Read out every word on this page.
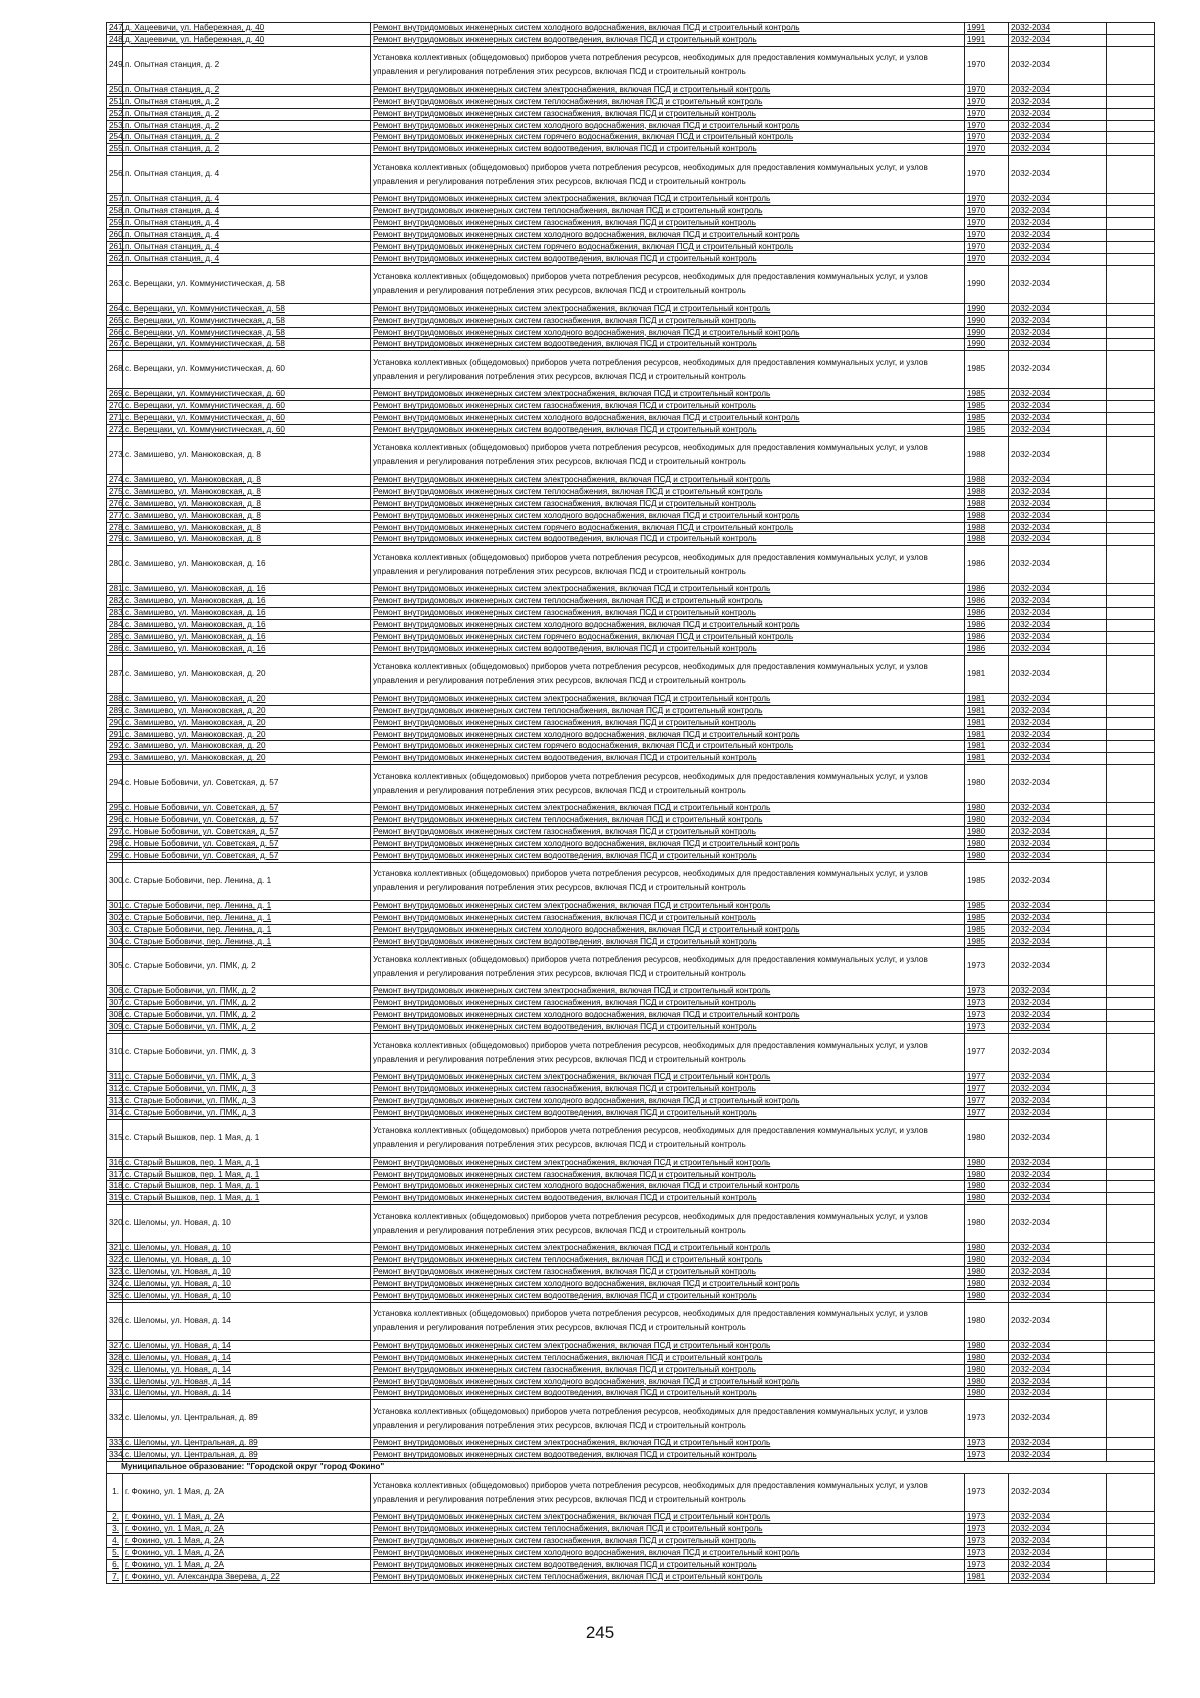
247.	д. Хацеевичи, ул. Набережная, д. 40	Ремонт внутридомовых инженерных систем холодного водоснабжения, включая ПСД и строительный контроль	1991	2032-2034	
248.	д. Хацеевичи, ул. Набережная, д. 40	Ремонт внутридомовых инженерных систем водоотведения, включая ПСД и строительный контроль	1991	2032-2034	
249.	п. Опытная станция, д. 2	Установка коллективных (общедомовых) приборов учета потребления ресурсов, необходимых для предоставления коммунальных услуг, и узлов управления и регулирования потребления этих ресурсов, включая ПСД и строительный контроль	1970	2032-2034	
250.	п. Опытная станция, д. 2	Ремонт внутридомовых инженерных систем электроснабжения, включая ПСД и строительный контроль	1970	2032-2034	
251.	п. Опытная станция, д. 2	Ремонт внутридомовых инженерных систем теплоснабжения, включая ПСД и строительный контроль	1970	2032-2034	
252.	п. Опытная станция, д. 2	Ремонт внутридомовых инженерных систем газоснабжения, включая ПСД и строительный контроль	1970	2032-2034	
253.	п. Опытная станция, д. 2	Ремонт внутридомовых инженерных систем холодного водоснабжения, включая ПСД и строительный контроль	1970	2032-2034	
254.	п. Опытная станция, д. 2	Ремонт внутридомовых инженерных систем горячего водоснабжения, включая ПСД и строительный контроль	1970	2032-2034	
255.	п. Опытная станция, д. 2	Ремонт внутридомовых инженерных систем водоотведения, включая ПСД и строительный контроль	1970	2032-2034	
256.	п. Опытная станция, д. 4	Установка коллективных (общедомовых) приборов учета потребления ресурсов, необходимых для предоставления коммунальных услуг, и узлов управления и регулирования потребления этих ресурсов, включая ПСД и строительный контроль	1970	2032-2034	
257.	п. Опытная станция, д. 4	Ремонт внутридомовых инженерных систем электроснабжения, включая ПСД и строительный контроль	1970	2032-2034	
258.	п. Опытная станция, д. 4	Ремонт внутридомовых инженерных систем теплоснабжения, включая ПСД и строительный контроль	1970	2032-2034	
259.	п. Опытная станция, д. 4	Ремонт внутридомовых инженерных систем газоснабжения, включая ПСД и строительный контроль	1970	2032-2034	
260.	п. Опытная станция, д. 4	Ремонт внутридомовых инженерных систем холодного водоснабжения, включая ПСД и строительный контроль	1970	2032-2034	
261.	п. Опытная станция, д. 4	Ремонт внутридомовых инженерных систем горячего водоснабжения, включая ПСД и строительный контроль	1970	2032-2034	
262.	п. Опытная станция, д. 4	Ремонт внутридомовых инженерных систем водоотведения, включая ПСД и строительный контроль	1970	2032-2034	
263.	с. Верещаки, ул. Коммунистическая, д. 58	Установка коллективных (общедомовых) приборов учета потребления ресурсов, необходимых для предоставления коммунальных услуг, и узлов управления и регулирования потребления этих ресурсов, включая ПСД и строительный контроль	1990	2032-2034	
264.	с. Верещаки, ул. Коммунистическая, д. 58	Ремонт внутридомовых инженерных систем электроснабжения, включая ПСД и строительный контроль	1990	2032-2034	
265.	с. Верещаки, ул. Коммунистическая, д. 58	Ремонт внутридомовых инженерных систем газоснабжения, включая ПСД и строительный контроль	1990	2032-2034	
266.	с. Верещаки, ул. Коммунистическая, д. 58	Ремонт внутридомовых инженерных систем холодного водоснабжения, включая ПСД и строительный контроль	1990	2032-2034	
267.	с. Верещаки, ул. Коммунистическая, д. 58	Ремонт внутридомовых инженерных систем водоотведения, включая ПСД и строительный контроль	1990	2032-2034	
268.	с. Верещаки, ул. Коммунистическая, д. 60	Установка коллективных (общедомовых) приборов учета потребления ресурсов, необходимых для предоставления коммунальных услуг, и узлов управления и регулирования потребления этих ресурсов, включая ПСД и строительный контроль	1985	2032-2034	
269.	с. Верещаки, ул. Коммунистическая, д. 60	Ремонт внутридомовых инженерных систем электроснабжения, включая ПСД и строительный контроль	1985	2032-2034	
270.	с. Верещаки, ул. Коммунистическая, д. 60	Ремонт внутридомовых инженерных систем газоснабжения, включая ПСД и строительный контроль	1985	2032-2034	
271.	с. Верещаки, ул. Коммунистическая, д. 60	Ремонт внутридомовых инженерных систем холодного водоснабжения, включая ПСД и строительный контроль	1985	2032-2034	
272.	с. Верещаки, ул. Коммунистическая, д. 60	Ремонт внутридомовых инженерных систем водоотведения, включая ПСД и строительный контроль	1985	2032-2034	
273.	с. Замишево, ул. Манюковская, д. 8	Установка коллективных (общедомовых) приборов учета потребления ресурсов, необходимых для предоставления коммунальных услуг, и узлов управления и регулирования потребления этих ресурсов, включая ПСД и строительный контроль	1988	2032-2034	
274.	с. Замишево, ул. Манюковская, д. 8	Ремонт внутридомовых инженерных систем электроснабжения, включая ПСД и строительный контроль	1988	2032-2034	
275.	с. Замишево, ул. Манюковская, д. 8	Ремонт внутридомовых инженерных систем теплоснабжения, включая ПСД и строительный контроль	1988	2032-2034	
276.	с. Замишево, ул. Манюковская, д. 8	Ремонт внутридомовых инженерных систем газоснабжения, включая ПСД и строительный контроль	1988	2032-2034	
277.	с. Замишево, ул. Манюковская, д. 8	Ремонт внутридомовых инженерных систем холодного водоснабжения, включая ПСД и строительный контроль	1988	2032-2034	
278.	с. Замишево, ул. Манюковская, д. 8	Ремонт внутридомовых инженерных систем горячего водоснабжения, включая ПСД и строительный контроль	1988	2032-2034	
279.	с. Замишево, ул. Манюковская, д. 8	Ремонт внутридомовых инженерных систем водоотведения, включая ПСД и строительный контроль	1988	2032-2034	
280.	с. Замишево, ул. Манюковская, д. 16	Установка коллективных (общедомовых) приборов учета потребления ресурсов, необходимых для предоставления коммунальных услуг, и узлов управления и регулирования потребления этих ресурсов, включая ПСД и строительный контроль	1986	2032-2034	
281.	с. Замишево, ул. Манюковская, д. 16	Ремонт внутридомовых инженерных систем электроснабжения, включая ПСД и строительный контроль	1986	2032-2034	
282.	с. Замишево, ул. Манюковская, д. 16	Ремонт внутридомовых инженерных систем теплоснабжения, включая ПСД и строительный контроль	1986	2032-2034	
283.	с. Замишево, ул. Манюковская, д. 16	Ремонт внутридомовых инженерных систем газоснабжения, включая ПСД и строительный контроль	1986	2032-2034	
284.	с. Замишево, ул. Манюковская, д. 16	Ремонт внутридомовых инженерных систем холодного водоснабжения, включая ПСД и строительный контроль	1986	2032-2034	
285.	с. Замишево, ул. Манюковская, д. 16	Ремонт внутридомовых инженерных систем горячего водоснабжения, включая ПСД и строительный контроль	1986	2032-2034	
286.	с. Замишево, ул. Манюковская, д. 16	Ремонт внутридомовых инженерных систем водоотведения, включая ПСД и строительный контроль	1986	2032-2034	
287.	с. Замишево, ул. Манюковская, д. 20	Установка коллективных (общедомовых) приборов учета потребления ресурсов, необходимых для предоставления коммунальных услуг, и узлов управления и регулирования потребления этих ресурсов, включая ПСД и строительный контроль	1981	2032-2034	
288.	с. Замишево, ул. Манюковская, д. 20	Ремонт внутридомовых инженерных систем электроснабжения, включая ПСД и строительный контроль	1981	2032-2034	
289.	с. Замишево, ул. Манюковская, д. 20	Ремонт внутридомовых инженерных систем теплоснабжения, включая ПСД и строительный контроль	1981	2032-2034	
290.	с. Замишево, ул. Манюковская, д. 20	Ремонт внутридомовых инженерных систем газоснабжения, включая ПСД и строительный контроль	1981	2032-2034	
291.	с. Замишево, ул. Манюковская, д. 20	Ремонт внутридомовых инженерных систем холодного водоснабжения, включая ПСД и строительный контроль	1981	2032-2034	
292.	с. Замишево, ул. Манюковская, д. 20	Ремонт внутридомовых инженерных систем горячего водоснабжения, включая ПСД и строительный контроль	1981	2032-2034	
293.	с. Замишево, ул. Манюковская, д. 20	Ремонт внутридомовых инженерных систем водоотведения, включая ПСД и строительный контроль	1981	2032-2034	
294.	с. Новые Бобовичи, ул. Советская, д. 57	Установка коллективных (общедомовых) приборов учета потребления ресурсов, необходимых для предоставления коммунальных услуг, и узлов управления и регулирования потребления этих ресурсов, включая ПСД и строительный контроль	1980	2032-2034	
295.	с. Новые Бобовичи, ул. Советская, д. 57	Ремонт внутридомовых инженерных систем электроснабжения, включая ПСД и строительный контроль	1980	2032-2034	
296.	с. Новые Бобовичи, ул. Советская, д. 57	Ремонт внутридомовых инженерных систем теплоснабжения, включая ПСД и строительный контроль	1980	2032-2034	
297.	с. Новые Бобовичи, ул. Советская, д. 57	Ремонт внутридомовых инженерных систем газоснабжения, включая ПСД и строительный контроль	1980	2032-2034	
298.	с. Новые Бобовичи, ул. Советская, д. 57	Ремонт внутридомовых инженерных систем холодного водоснабжения, включая ПСД и строительный контроль	1980	2032-2034	
299.	с. Новые Бобовичи, ул. Советская, д. 57	Ремонт внутридомовых инженерных систем водоотведения, включая ПСД и строительный контроль	1980	2032-2034	
300.	с. Старые Бобовичи, пер. Ленина, д. 1	Установка коллективных (общедомовых) приборов учета потребления ресурсов, необходимых для предоставления коммунальных услуг, и узлов управления и регулирования потребления этих ресурсов, включая ПСД и строительный контроль	1985	2032-2034	
301.	с. Старые Бобовичи, пер. Ленина, д. 1	Ремонт внутридомовых инженерных систем электроснабжения, включая ПСД и строительный контроль	1985	2032-2034	
302.	с. Старые Бобовичи, пер. Ленина, д. 1	Ремонт внутридомовых инженерных систем газоснабжения, включая ПСД и строительный контроль	1985	2032-2034	
303.	с. Старые Бобовичи, пер. Ленина, д. 1	Ремонт внутридомовых инженерных систем холодного водоснабжения, включая ПСД и строительный контроль	1985	2032-2034	
304.	с. Старые Бобовичи, пер. Ленина, д. 1	Ремонт внутридомовых инженерных систем водоотведения, включая ПСД и строительный контроль	1985	2032-2034	
305.	с. Старые Бобовичи, ул. ПМК, д. 2	Установка коллективных (общедомовых) приборов учета потребления ресурсов, необходимых для предоставления коммунальных услуг, и узлов управления и регулирования потребления этих ресурсов, включая ПСД и строительный контроль	1973	2032-2034	
306.	с. Старые Бобовичи, ул. ПМК, д. 2	Ремонт внутридомовых инженерных систем электроснабжения, включая ПСД и строительный контроль	1973	2032-2034	
307.	с. Старые Бобовичи, ул. ПМК, д. 2	Ремонт внутридомовых инженерных систем газоснабжения, включая ПСД и строительный контроль	1973	2032-2034	
308.	с. Старые Бобовичи, ул. ПМК, д. 2	Ремонт внутридомовых инженерных систем холодного водоснабжения, включая ПСД и строительный контроль	1973	2032-2034	
309.	с. Старые Бобовичи, ул. ПМК, д. 2	Ремонт внутридомовых инженерных систем водоотведения, включая ПСД и строительный контроль	1973	2032-2034	
310.	с. Старые Бобовичи, ул. ПМК, д. 3	Установка коллективных (общедомовых) приборов учета потребления ресурсов, необходимых для предоставления коммунальных услуг, и узлов управления и регулирования потребления этих ресурсов, включая ПСД и строительный контроль	1977	2032-2034	
311.	с. Старые Бобовичи, ул. ПМК, д. 3	Ремонт внутридомовых инженерных систем электроснабжения, включая ПСД и строительный контроль	1977	2032-2034	
312.	с. Старые Бобовичи, ул. ПМК, д. 3	Ремонт внутридомовых инженерных систем газоснабжения, включая ПСД и строительный контроль	1977	2032-2034	
313.	с. Старые Бобовичи, ул. ПМК, д. 3	Ремонт внутридомовых инженерных систем холодного водоснабжения, включая ПСД и строительный контроль	1977	2032-2034	
314.	с. Старые Бобовичи, ул. ПМК, д. 3	Ремонт внутридомовых инженерных систем водоотведения, включая ПСД и строительный контроль	1977	2032-2034	
315.	с. Старый Вышков, пер. 1 Мая, д. 1	Установка коллективных (общедомовых) приборов учета потребления ресурсов, необходимых для предоставления коммунальных услуг, и узлов управления и регулирования потребления этих ресурсов, включая ПСД и строительный контроль	1980	2032-2034	
316.	с. Старый Вышков, пер. 1 Мая, д. 1	Ремонт внутридомовых инженерных систем электроснабжения, включая ПСД и строительный контроль	1980	2032-2034	
317.	с. Старый Вышков, пер. 1 Мая, д. 1	Ремонт внутридомовых инженерных систем газоснабжения, включая ПСД и строительный контроль	1980	2032-2034	
318.	с. Старый Вышков, пер. 1 Мая, д. 1	Ремонт внутридомовых инженерных систем холодного водоснабжения, включая ПСД и строительный контроль	1980	2032-2034	
319.	с. Старый Вышков, пер. 1 Мая, д. 1	Ремонт внутридомовых инженерных систем водоотведения, включая ПСД и строительный контроль	1980	2032-2034	
320.	с. Шеломы, ул. Новая, д. 10	Установка коллективных (общедомовых) приборов учета потребления ресурсов, необходимых для предоставления коммунальных услуг, и узлов управления и регулирования потребления этих ресурсов, включая ПСД и строительный контроль	1980	2032-2034	
321.	с. Шеломы, ул. Новая, д. 10	Ремонт внутридомовых инженерных систем электроснабжения, включая ПСД и строительный контроль	1980	2032-2034	
322.	с. Шеломы, ул. Новая, д. 10	Ремонт внутридомовых инженерных систем теплоснабжения, включая ПСД и строительный контроль	1980	2032-2034	
323.	с. Шеломы, ул. Новая, д. 10	Ремонт внутридомовых инженерных систем газоснабжения, включая ПСД и строительный контроль	1980	2032-2034	
324.	с. Шеломы, ул. Новая, д. 10	Ремонт внутридомовых инженерных систем холодного водоснабжения, включая ПСД и строительный контроль	1980	2032-2034	
325.	с. Шеломы, ул. Новая, д. 10	Ремонт внутридомовых инженерных систем водоотведения, включая ПСД и строительный контроль	1980	2032-2034	
326.	с. Шеломы, ул. Новая, д. 14	Установка коллективных (общедомовых) приборов учета потребления ресурсов, необходимых для предоставления коммунальных услуг, и узлов управления и регулирования потребления этих ресурсов, включая ПСД и строительный контроль	1980	2032-2034	
327.	с. Шеломы, ул. Новая, д. 14	Ремонт внутридомовых инженерных систем электроснабжения, включая ПСД и строительный контроль	1980	2032-2034	
328.	с. Шеломы, ул. Новая, д. 14	Ремонт внутридомовых инженерных систем теплоснабжения, включая ПСД и строительный контроль	1980	2032-2034	
329.	с. Шеломы, ул. Новая, д. 14	Ремонт внутридомовых инженерных систем газоснабжения, включая ПСД и строительный контроль	1980	2032-2034	
330.	с. Шеломы, ул. Новая, д. 14	Ремонт внутридомовых инженерных систем холодного водоснабжения, включая ПСД и строительный контроль	1980	2032-2034	
331.	с. Шеломы, ул. Новая, д. 14	Ремонт внутридомовых инженерных систем водоотведения, включая ПСД и строительный контроль	1980	2032-2034	
332.	с. Шеломы, ул. Центральная, д. 89	Установка коллективных (общедомовых) приборов учета потребления ресурсов, необходимых для предоставления коммунальных услуг, и узлов управления и регулирования потребления этих ресурсов, включая ПСД и строительный контроль	1973	2032-2034	
333.	с. Шеломы, ул. Центральная, д. 89	Ремонт внутридомовых инженерных систем электроснабжения, включая ПСД и строительный контроль	1973	2032-2034	
334.	с. Шеломы, ул. Центральная, д. 89	Ремонт внутридомовых инженерных систем водоотведения, включая ПСД и строительный контроль	1973	2032-2034	
Муниципальное образование: "Городской округ "город Фокино"					
1.	г. Фокино, ул. 1 Мая, д. 2А	Установка коллективных (общедомовых) приборов учета потребления ресурсов, необходимых для предоставления коммунальных услуг, и узлов управления и регулирования потребления этих ресурсов, включая ПСД и строительный контроль	1973	2032-2034	
2.	г. Фокино, ул. 1 Мая, д. 2А	Ремонт внутридомовых инженерных систем электроснабжения, включая ПСД и строительный контроль	1973	2032-2034	
3.	г. Фокино, ул. 1 Мая, д. 2А	Ремонт внутридомовых инженерных систем теплоснабжения, включая ПСД и строительный контроль	1973	2032-2034	
4.	г. Фокино, ул. 1 Мая, д. 2А	Ремонт внутридомовых инженерных систем газоснабжения, включая ПСД и строительный контроль	1973	2032-2034	
5.	г. Фокино, ул. 1 Мая, д. 2А	Ремонт внутридомовых инженерных систем холодного водоснабжения, включая ПСД и строительный контроль	1973	2032-2034	
6.	г. Фокино, ул. 1 Мая, д. 2А	Ремонт внутридомовых инженерных систем водоотведения, включая ПСД и строительный контроль	1973	2032-2034	
7.	г. Фокино, ул. Александра Зверева, д. 22	Ремонт внутридомовых инженерных систем теплоснабжения, включая ПСД и строительный контроль	1981	2032-2034	
245
